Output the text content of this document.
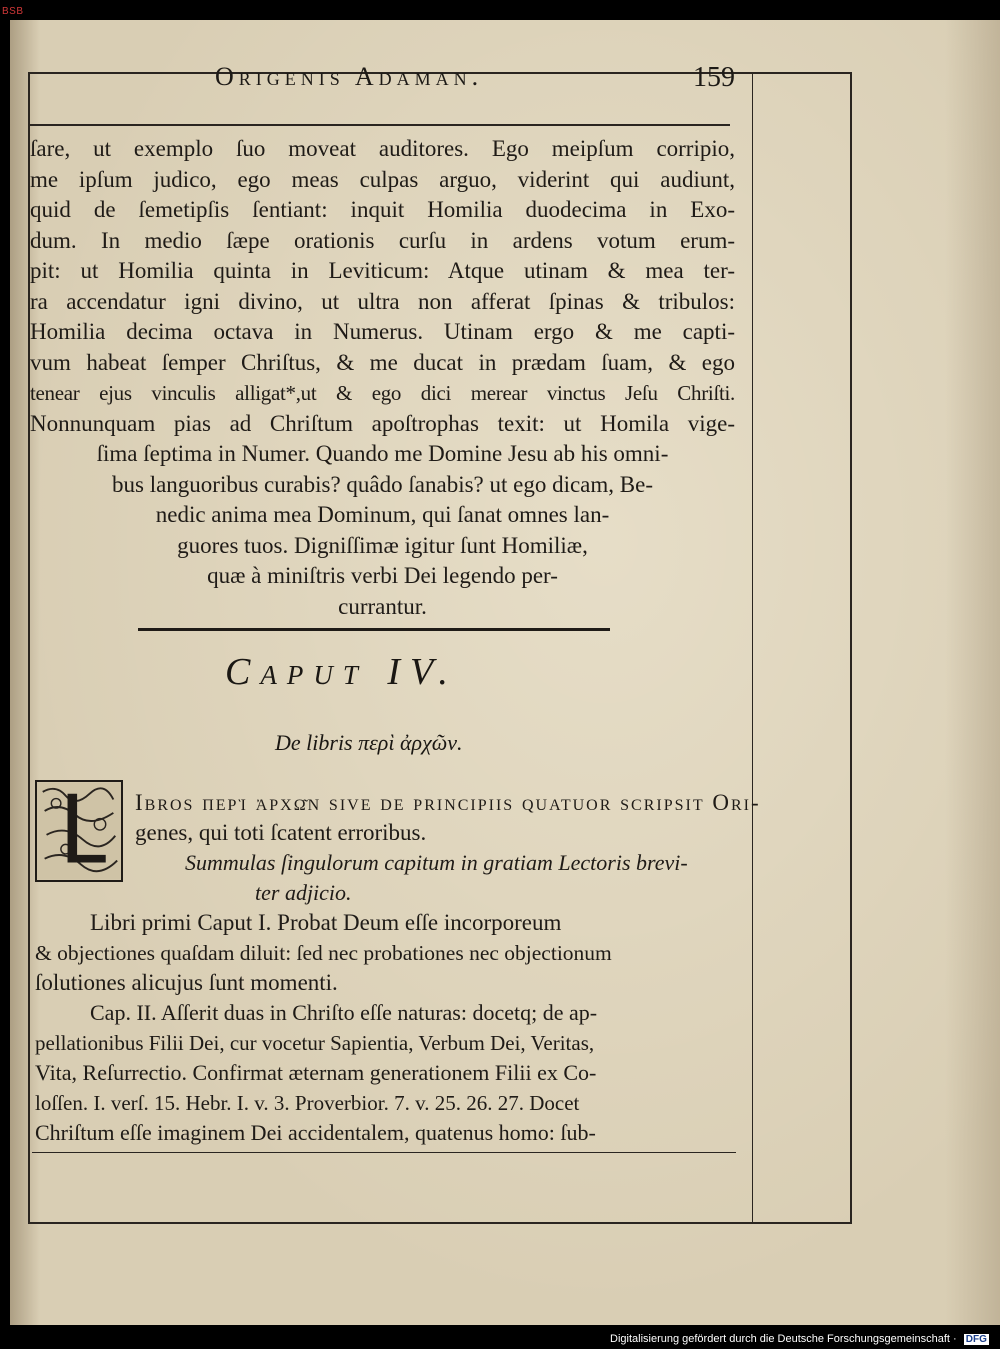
BSB
Origenis Adaman.	159
ſare, ut exemplo ſuo moveat auditores. Ego meipſum corripio,
me ipſum judico, ego meas culpas arguo, viderint qui audiunt,
quid de ſemetipſis ſentiant: inquit Homilia duodecima in Exo-
dum. In medio ſæpe orationis curſu in ardens votum erum-
pit: ut Homilia quinta in Leviticum: Atque utinam & mea ter-
ra accendatur igni divino, ut ultra non afferat ſpinas & tribulos:
Homilia decima octava in Numerus. Utinam ergo & me capti-
vum habeat ſemper Chriſtus, & me ducat in prædam ſuam, & ego
tenear ejus vinculis alligat*,ut & ego dici merear vinctus Jeſu Chriſti.
Nonnunquam pias ad Chriſtum apoſtrophas texit: ut Homila vige-
ſima ſeptima in Numer. Quando me Domine Jesu ab his omni-
bus languoribus curabis? quâdo ſanabis? ut ego dicam, Be-
nedic anima mea Dominum, qui ſanat omnes lan-
guores tuos. Digniſſimæ igitur ſunt Homiliæ,
quæ à miniſtris verbi Dei legendo per-
currantur.
Caput IV.
De libris περὶ ἀρχῶν.
Ibros περὶ ἀρχῶν ſive de principiis quatuor ſcripſit Ori-
genes, qui toti ſcatent erroribus.
Summulas ſingulorum capitum in gratiam Lectoris brevi-
ter adjicio.
Libri primi Caput I. Probat Deum eſſe incorporeum
& objectiones quaſdam diluit: ſed nec probationes nec objectionum
ſolutiones alicujus ſunt momenti.
Cap. II. Aſſerit duas in Chriſto eſſe naturas: docetq; de ap-
pellationibus Filii Dei, cur vocetur Sapientia, Verbum Dei, Veritas,
Vita, Reſurrectio. Confirmat æternam generationem Filii ex Co-
loſſen. I. verſ. 15. Hebr. I. v. 3. Proverbior. 7. v. 25. 26. 27. Docet
Chriſtum eſſe imaginem Dei accidentalem, quatenus homo: ſub-
Digitalisierung gefördert durch die Deutsche Forschungsgemeinschaft · DFG
